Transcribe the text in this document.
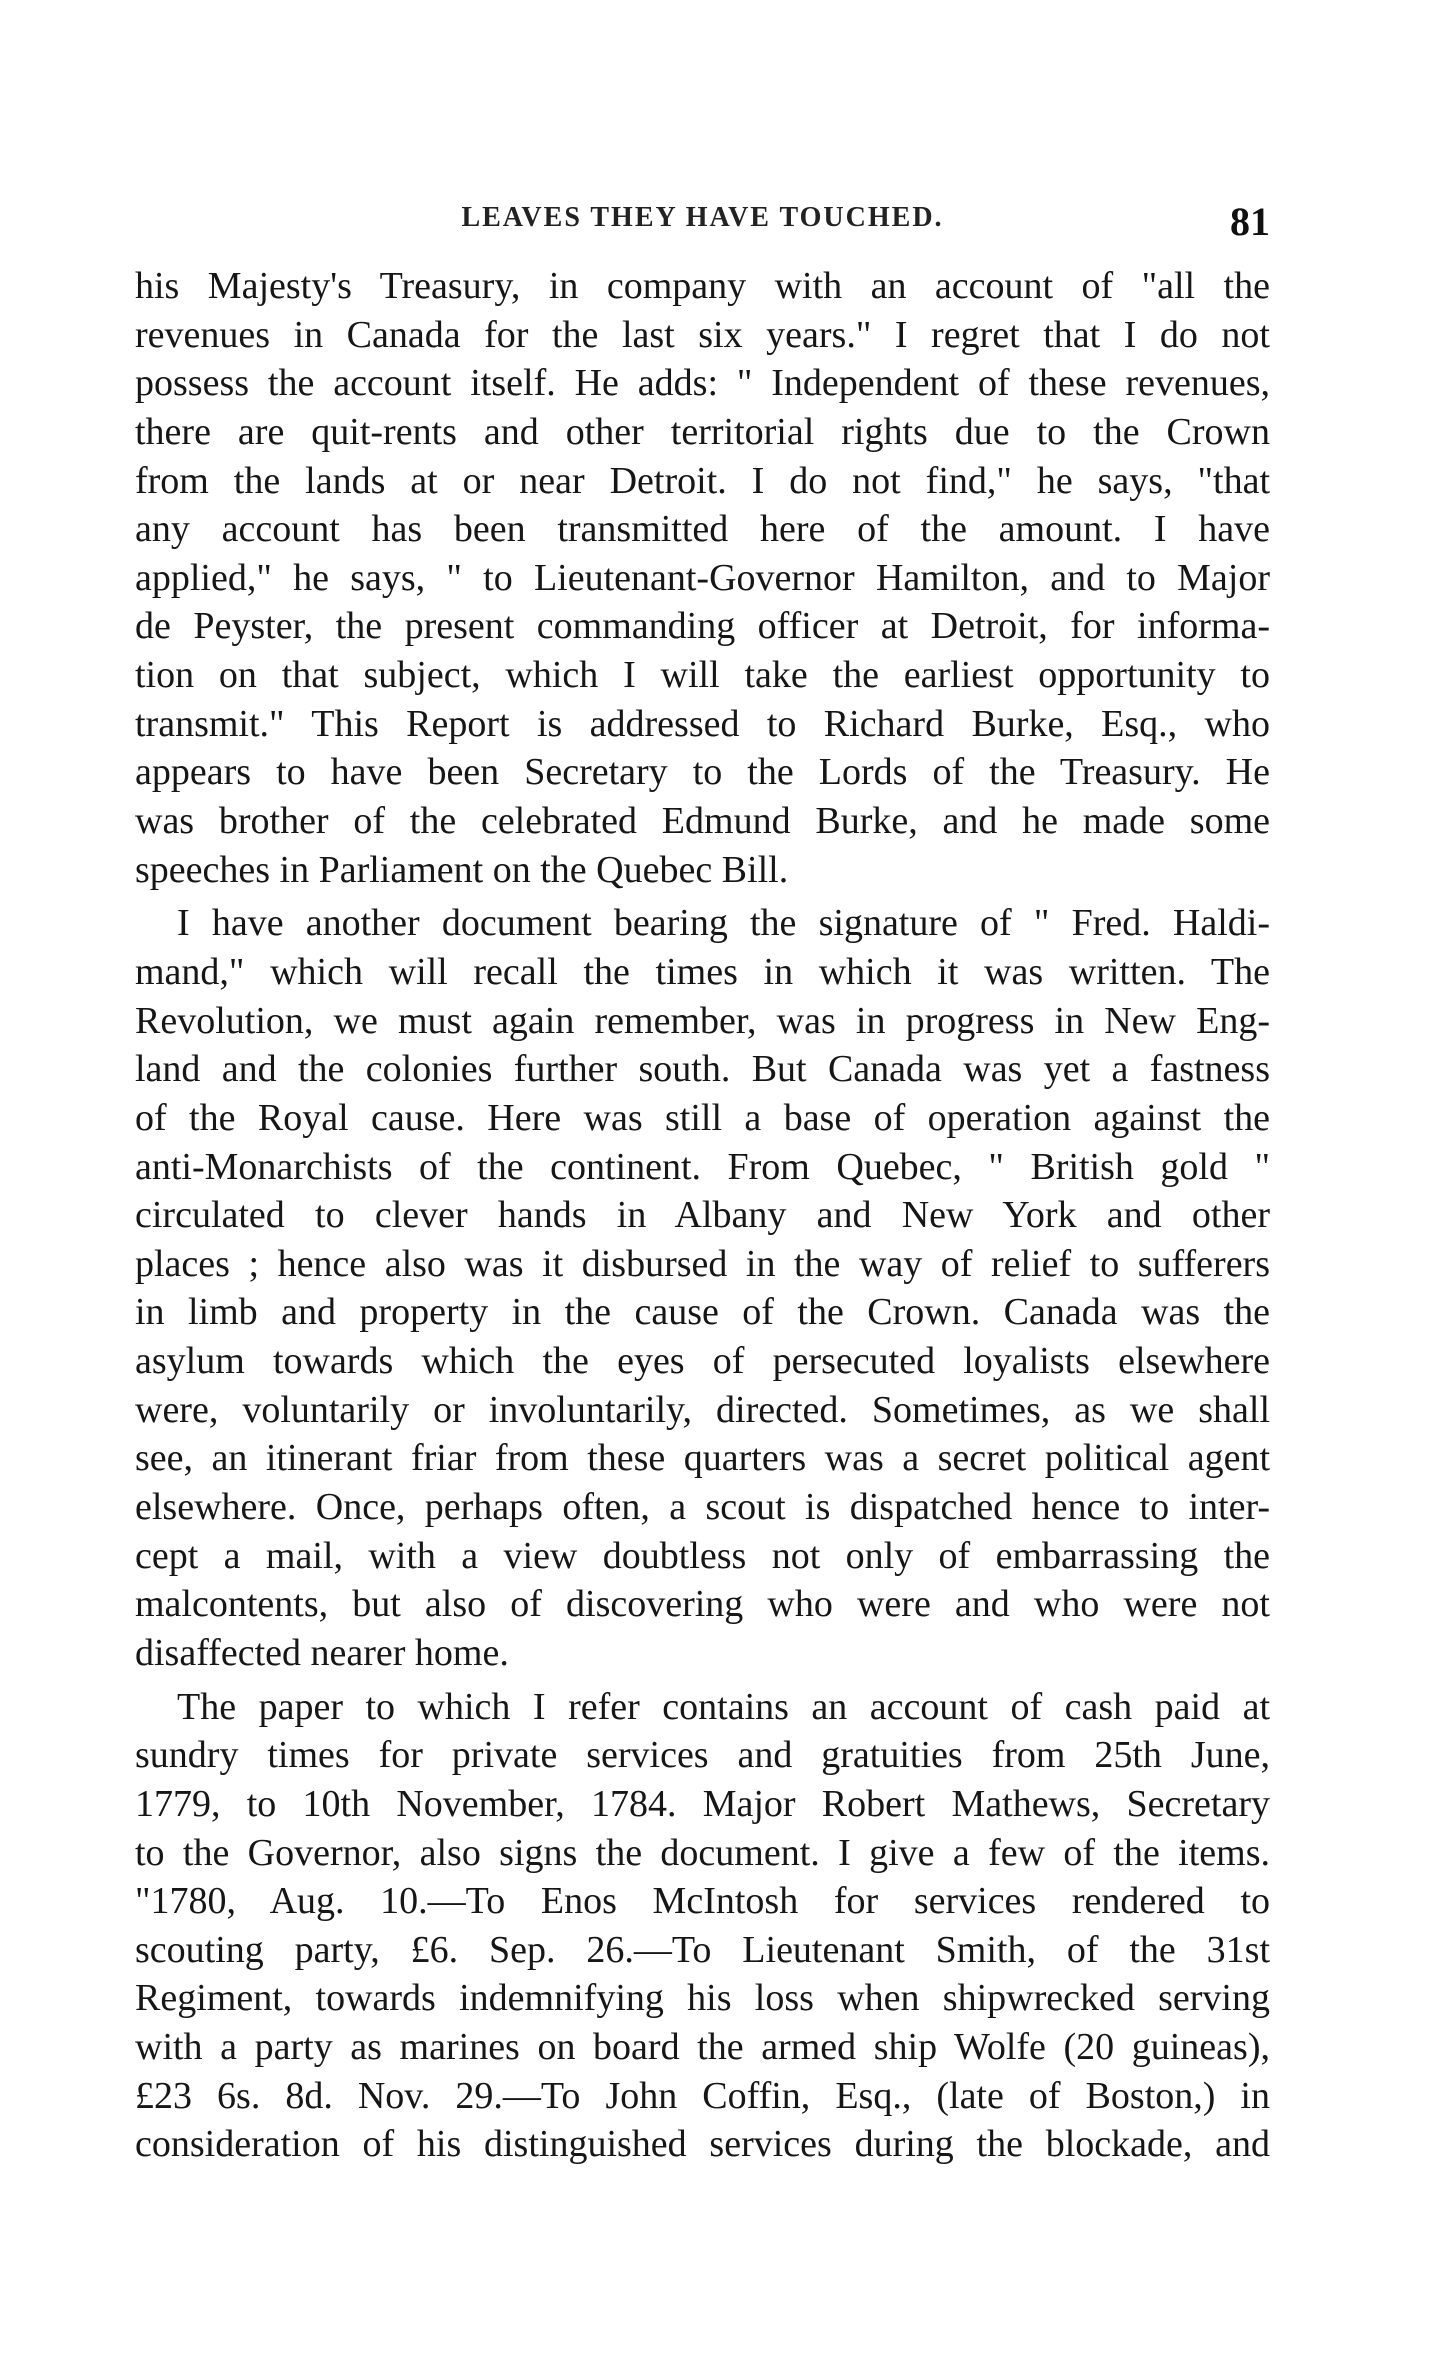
LEAVES THEY HAVE TOUCHED.	81
his Majesty's Treasury, in company with an account of "all the
revenues in Canada for the last six years." I regret that I do not
possess the account itself. He adds: " Independent of these revenues,
there are quit-rents and other territorial rights due to the Crown
from the lands at or near Detroit. I do not find," he says, "that
any account has been transmitted here of the amount. I have
applied," he says, " to Lieutenant-Governor Hamilton, and to Major
de Peyster, the present commanding officer at Detroit, for informa-
tion on that subject, which I will take the earliest opportunity to
transmit." This Report is addressed to Richard Burke, Esq., who
appears to have been Secretary to the Lords of the Treasury. He
was brother of the celebrated Edmund Burke, and he made some
speeches in Parliament on the Quebec Bill.
I have another document bearing the signature of " Fred. Haldi-
mand," which will recall the times in which it was written. The
Revolution, we must again remember, was in progress in New Eng-
land and the colonies further south. But Canada was yet a fastness
of the Royal cause. Here was still a base of operation against the
anti-Monarchists of the continent. From Quebec, " British gold "
circulated to clever hands in Albany and New York and other
places ; hence also was it disbursed in the way of relief to sufferers
in limb and property in the cause of the Crown. Canada was the
asylum towards which the eyes of persecuted loyalists elsewhere
were, voluntarily or involuntarily, directed. Sometimes, as we shall
see, an itinerant friar from these quarters was a secret political agent
elsewhere. Once, perhaps often, a scout is dispatched hence to inter-
cept a mail, with a view doubtless not only of embarrassing the
malcontents, but also of discovering who were and who were not
disaffected nearer home.
The paper to which I refer contains an account of cash paid at
sundry times for private services and gratuities from 25th June,
1779, to 10th November, 1784. Major Robert Mathews, Secretary
to the Governor, also signs the document. I give a few of the items.
"1780, Aug. 10.—To Enos McIntosh for services rendered to
scouting party, £6. Sep. 26.—To Lieutenant Smith, of the 31st
Regiment, towards indemnifying his loss when shipwrecked serving
with a party as marines on board the armed ship Wolfe (20 guineas),
£23 6s. 8d. Nov. 29.—To John Coffin, Esq., (late of Boston,) in
consideration of his distinguished services during the blockade, and
